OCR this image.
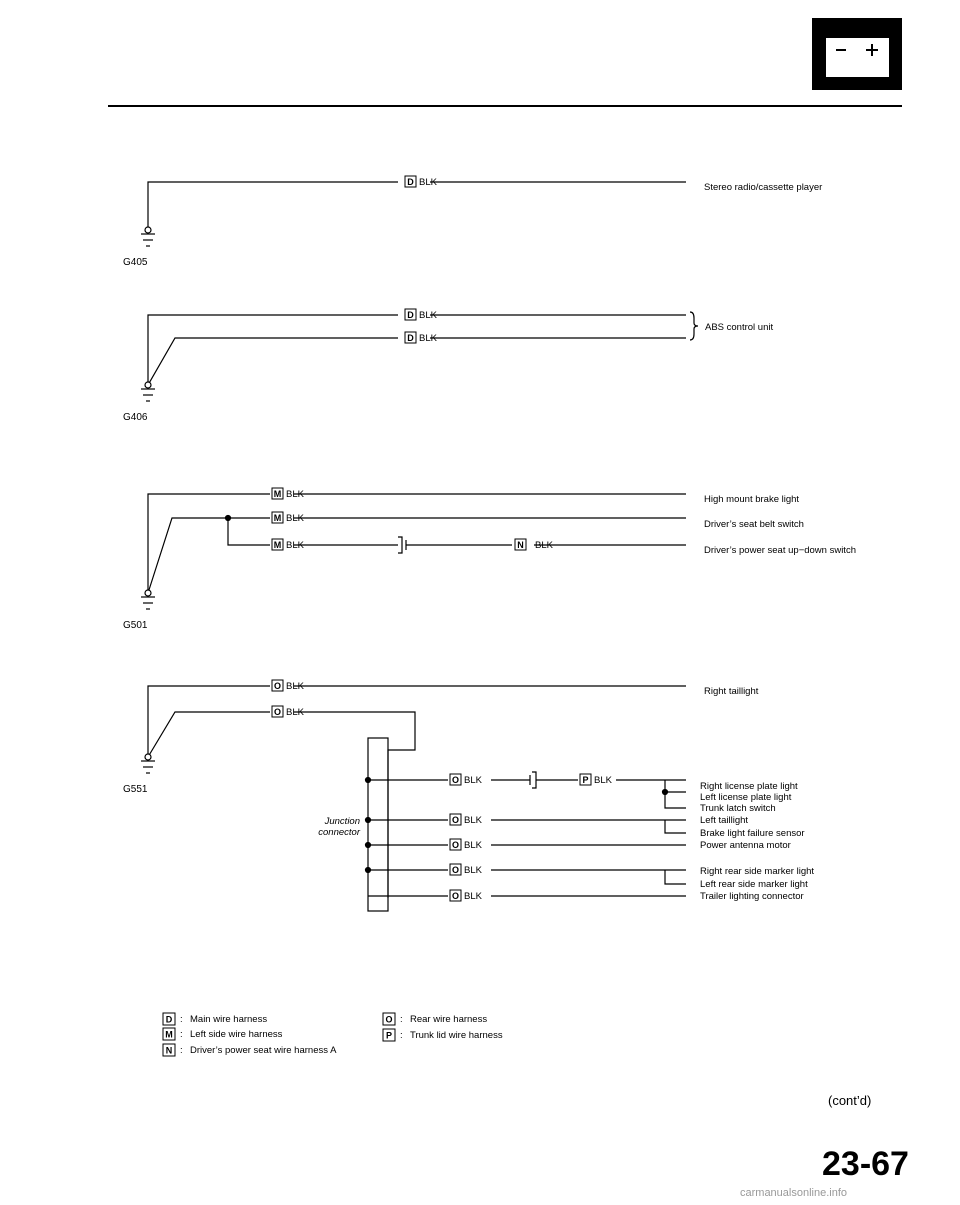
D BLK	Stereo radio/cassette player
G405
D
D
BLK
BLK
ABS control unit
G406
M
M
M
BLK
BLK
BLK	N BLK
High mount brake light
Driver’s seat belt switch
Driver’s power seat up−down switch
G501
O
O
O
O
O
O
O
P
BLK
BLK
BLK	BLK
BLK
BLK
BLK
BLK
Junction
connector
Right taillight
Right license plate light
Left license plate light
Trunk latch switch
Left taillight
Brake light failure sensor
Power antenna motor
Right rear side marker light
Left rear side marker light
Trailer lighting connector
G551
D : Main wire harness
M : Left side wire harness
N : Driver’s power seat wire harness A
O : Rear wire harness
P : Trunk lid wire harness
(cont’d)
23-67
carmanualsonline.info
